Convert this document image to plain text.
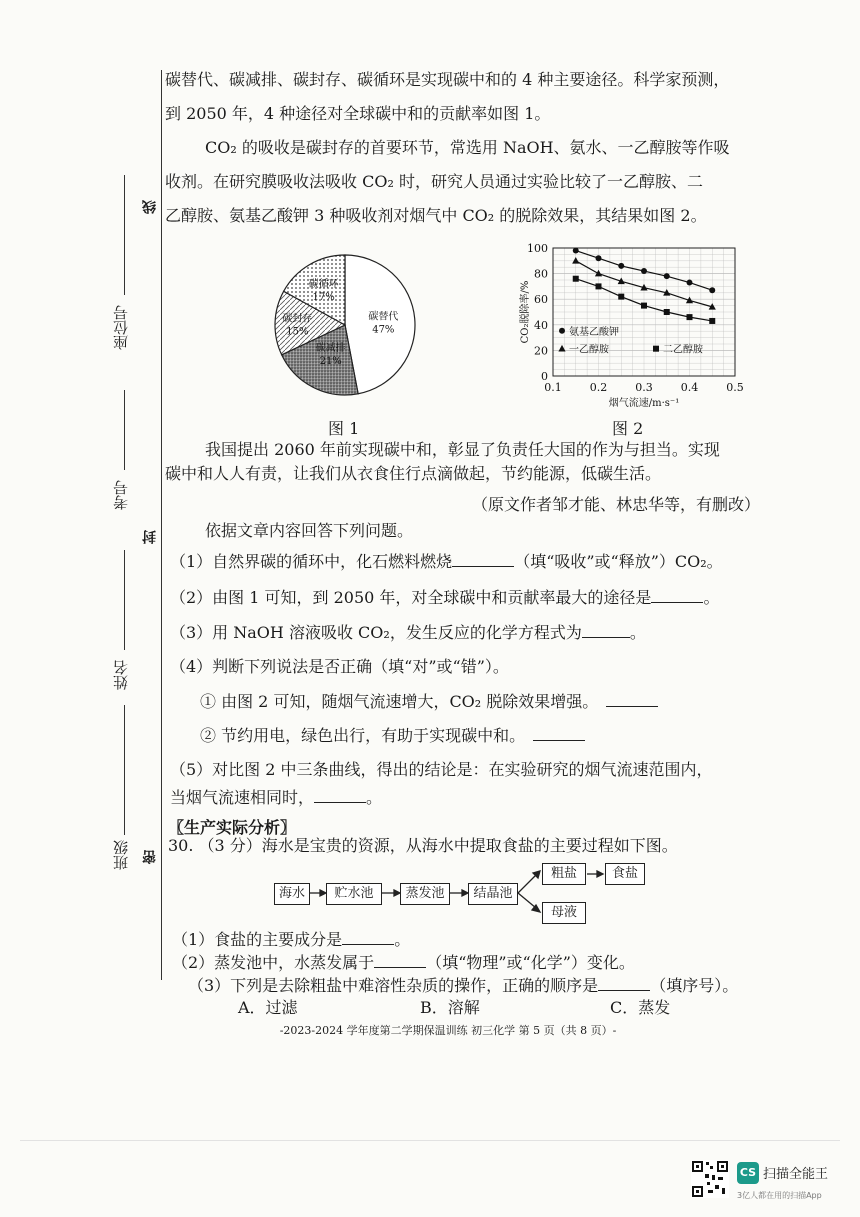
线
封
密
座位号
考号
姓名
班级
碳替代、碳减排、碳封存、碳循环是实现碳中和的 4 种主要途径。科学家预测，
到 2050 年，4 种途径对全球碳中和的贡献率如图 1。
CO₂ 的吸收是碳封存的首要环节，常选用 NaOH、氨水、一乙醇胺等作吸
收剂。在研究膜吸收法吸收 CO₂ 时，研究人员通过实验比较了一乙醇胺、二
乙醇胺、氨基乙酸钾 3 种吸收剂对烟气中 CO₂ 的脱除效果，其结果如图 2。
碳替代
47%
碳减排
21%
碳封存
15%
碳循环
17%
图 1
0
20
40
60
80
100
0.1	0.2	0.3	0.4	0.5
烟气流速/m·s⁻¹
CO₂脱除率/%	氨基乙酸钾
一乙醇胺	二乙醇胺
图 2
我国提出 2060 年前实现碳中和，彰显了负责任大国的作为与担当。实现
碳中和人人有责，让我们从衣食住行点滴做起，节约能源，低碳生活。
（原文作者邹才能、林忠华等，有删改）
依据文章内容回答下列问题。
（1）自然界碳的循环中，化石燃料燃烧	（填“吸收”或“释放”）CO₂。
（2）由图 1 可知，到 2050 年，对全球碳中和贡献率最大的途径是	。
（3）用 NaOH 溶液吸收 CO₂，发生反应的化学方程式为	。
（4）判断下列说法是否正确（填“对”或“错”）。
① 由图 2 可知，随烟气流速增大，CO₂ 脱除效果增强。
② 节约用电，绿色出行，有助于实现碳中和。
（5）对比图 2 中三条曲线，得出的结论是：在实验研究的烟气流速范围内，
当烟气流速相同时，	。
〖生产实际分析〗
30. （3 分）海水是宝贵的资源，从海水中提取食盐的主要过程如下图。
海水	贮水池	蒸发池	结晶池
粗盐	食盐
母液
（1）食盐的主要成分是	。
（2）蒸发池中，水蒸发属于	（填“物理”或“化学”）变化。
（3）下列是去除粗盐中难溶性杂质的操作，正确的顺序是	（填序号）。
A．过滤	B．溶解	C．蒸发
-2023-2024 学年度第二学期保温训练 初三化学 第 5 页（共 8 页）-
CS 扫描全能王
3亿人都在用的扫描App
